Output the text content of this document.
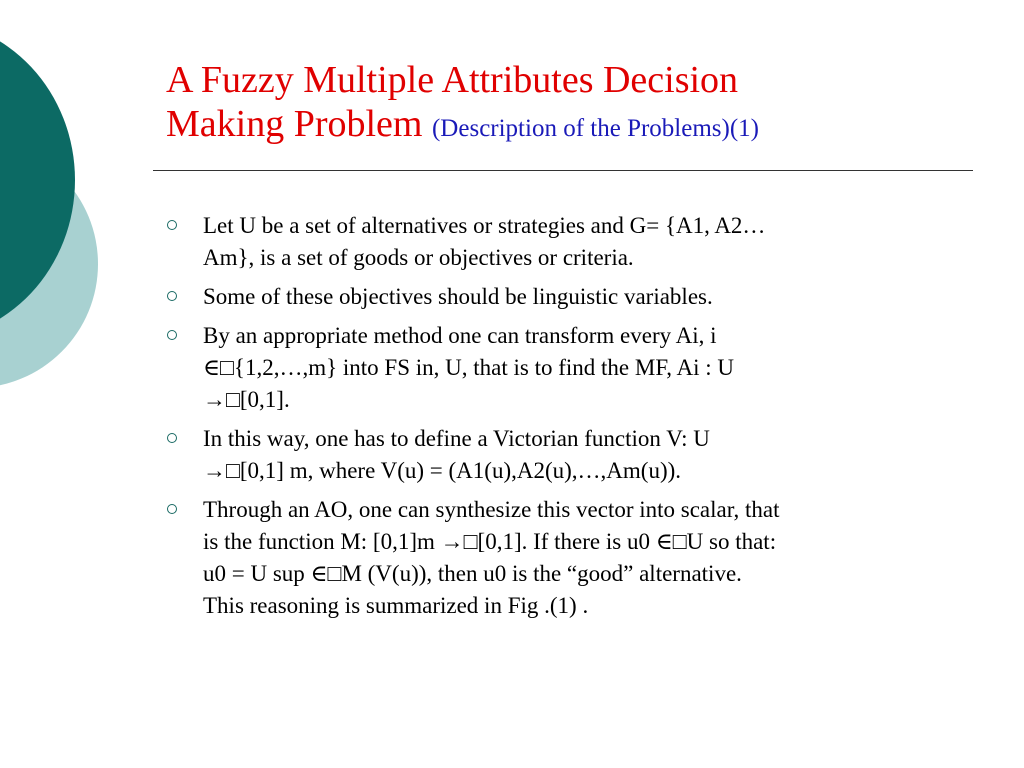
A Fuzzy Multiple Attributes Decision
Making Problem (Description of the Problems)(1)
Let U be a set of alternatives or strategies and G= {A1, A2…
Am}, is a set of goods or objectives or criteria.
Some of these objectives should be linguistic variables.
By an appropriate method one can transform every Ai, i
∈□{1,2,…,m} into FS in, U, that is to find the MF, Ai : U
→□[0,1].
In this way, one has to define a Victorian function V: U
→□[0,1] m, where V(u) = (A1(u),A2(u),…,Am(u)).
Through an AO, one can synthesize this vector into scalar, that
is the function M: [0,1]m →□[0,1]. If there is u0 ∈□U so that:
u0 = U sup ∈□M (V(u)), then u0 is the “good” alternative.
This reasoning is summarized in Fig .(1) .
